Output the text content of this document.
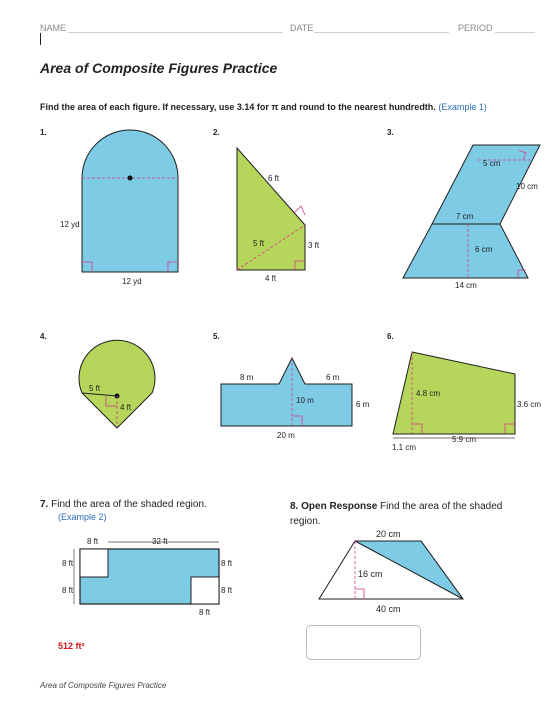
NAME	DATE	PERIOD
Area of Composite Figures Practice
Find the area of each figure. If necessary, use 3.14 for π and round to the nearest hundredth. (Example 1)
1.	2.	3.
4.	5.	6.
12 yd
12 yd
6 ft
5 ft	3 ft
4 ft
5 cm
10 cm
7 cm
6 cm
14 cm
5 ft
4 ft
8 m	6 m
10 m	6 m
20 m
4.8 cm
3.6 cm
5.9 cm
1.1 cm
7. Find the area of the shaded region.
(Example 2)
8 ft	32 ft
8 ft
8 ft
8 ft
8 ft
8 ft
512 ft²
8. Open Response Find the area of the shaded region.
20 cm
16 cm
40 cm
Area of Composite Figures Practice
